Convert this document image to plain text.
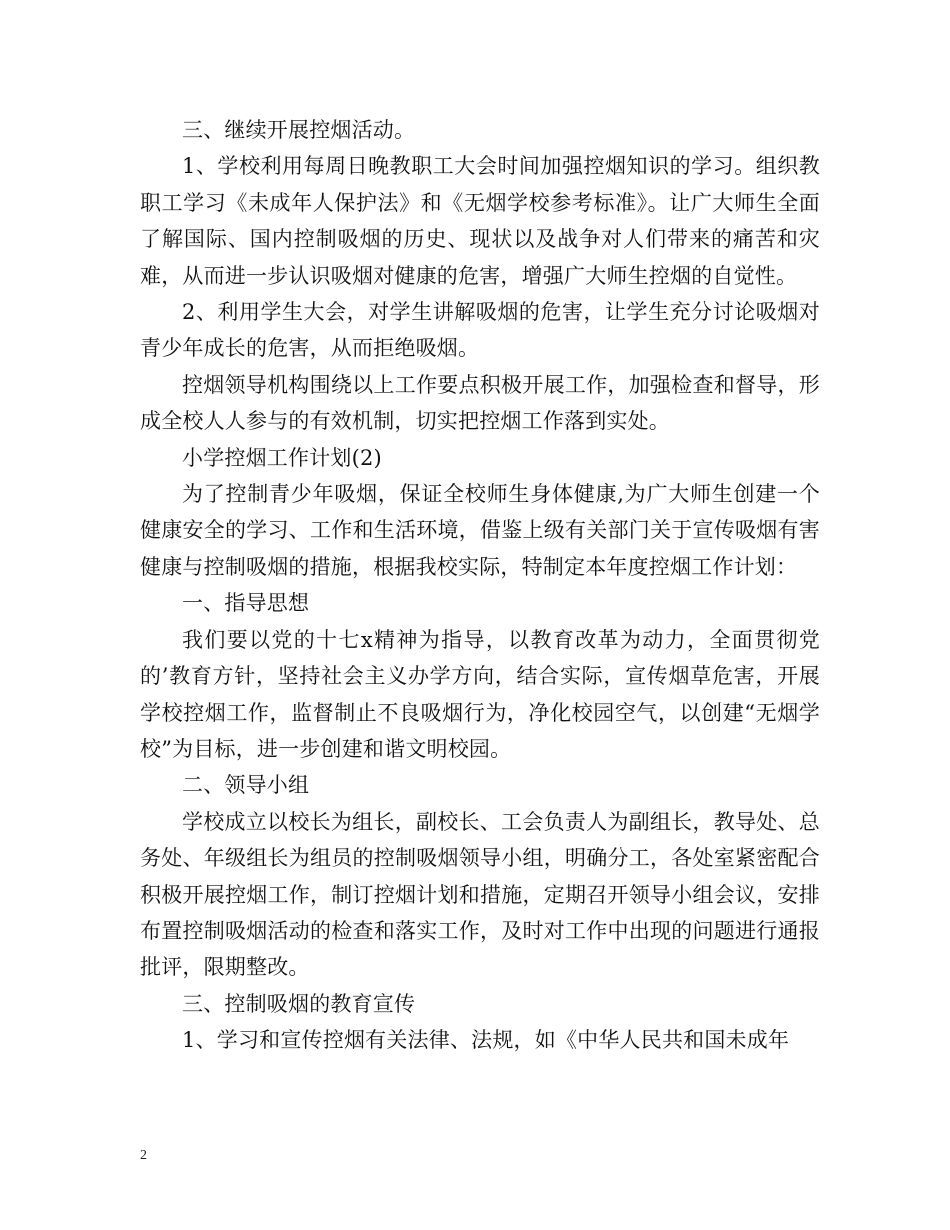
三、继续开展控烟活动。

1、学校利用每周日晚教职工大会时间加强控烟知识的学习。组织教职工学习《未成年人保护法》和《无烟学校参考标准》。让广大师生全面了解国际、国内控制吸烟的历史、现状以及战争对人们带来的痛苦和灾难，从而进一步认识吸烟对健康的危害，增强广大师生控烟的自觉性。

2、利用学生大会，对学生讲解吸烟的危害，让学生充分讨论吸烟对青少年成长的危害，从而拒绝吸烟。

控烟领导机构围绕以上工作要点积极开展工作，加强检查和督导，形成全校人人参与的有效机制，切实把控烟工作落到实处。

小学控烟工作计划(2)

为了控制青少年吸烟，保证全校师生身体健康,为广大师生创建一个健康安全的学习、工作和生活环境，借鉴上级有关部门关于宣传吸烟有害健康与控制吸烟的措施，根据我校实际，特制定本年度控烟工作计划：

一、指导思想

我们要以党的十七x精神为指导，以教育改革为动力，全面贯彻党的’教育方针，坚持社会主义办学方向，结合实际，宣传烟草危害，开展学校控烟工作，监督制止不良吸烟行为，净化校园空气，以创建“无烟学校”为目标，进一步创建和谐文明校园。

二、领导小组

学校成立以校长为组长，副校长、工会负责人为副组长，教导处、总务处、年级组长为组员的控制吸烟领导小组，明确分工，各处室紧密配合积极开展控烟工作，制订控烟计划和措施，定期召开领导小组会议，安排布置控制吸烟活动的检查和落实工作，及时对工作中出现的问题进行通报批评，限期整改。

三、控制吸烟的教育宣传

1、学习和宣传控烟有关法律、法规，如《中华人民共和国未成年

2
